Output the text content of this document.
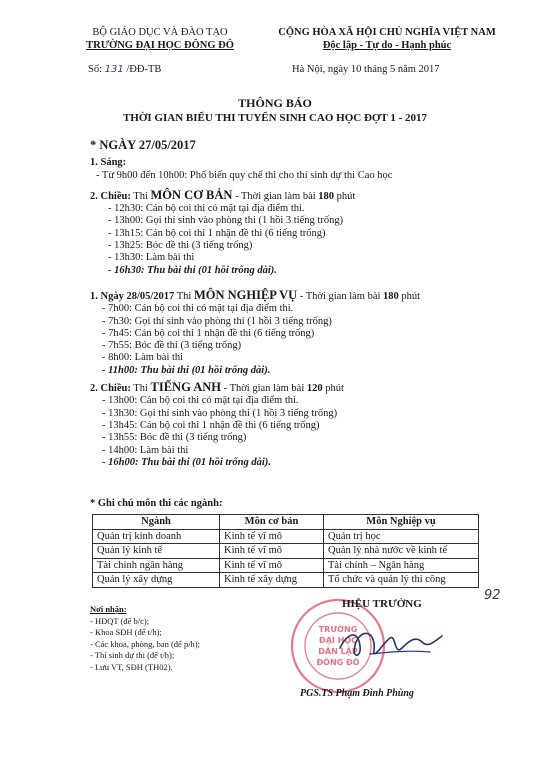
BỘ GIÁO DỤC VÀ ĐÀO TẠO
TRƯỜNG ĐẠI HỌC ĐÔNG ĐÔ
CỘNG HÒA XÃ HỘI CHỦ NGHĨA VIỆT NAM
Độc lập - Tự do - Hạnh phúc
Số: 131 /ĐĐ-TB	Hà Nội, ngày 10 tháng 5 năm 2017
THÔNG BÁO
THỜI GIAN BIỂU THI TUYỂN SINH CAO HỌC ĐỢT 1 - 2017
* NGÀY 27/05/2017
1. Sáng:
- Từ 9h00 đến 10h00: Phổ biến quy chế thi cho thí sinh dự thi Cao học
2. Chiều: Thi MÔN CƠ BẢN - Thời gian làm bài 180 phút
- 12h30: Cán bộ coi thi có mặt tại địa điểm thi.
- 13h00: Gọi thí sinh vào phòng thi (1 hồi 3 tiếng trống)
- 13h15: Cán bộ coi thi 1 nhận đề thi (6 tiếng trống)
- 13h25: Bóc đề thi (3 tiếng trống)
- 13h30: Làm bài thi
- 16h30: Thu bài thi (01 hồi trống dài).
1. Ngày 28/05/2017 Thi MÔN NGHIỆP VỤ - Thời gian làm bài 180 phút
- 7h00: Cán bộ coi thi có mặt tại địa điểm thi.
- 7h30: Gọi thí sinh vào phòng thi (1 hồi 3 tiếng trống)
- 7h45: Cán bộ coi thi 1 nhận đề thi (6 tiếng trống)
- 7h55: Bóc đề thi (3 tiếng trống)
- 8h00: Làm bài thi
- 11h00: Thu bài thi (01 hồi trống dài).
2. Chiều: Thi TIẾNG ANH - Thời gian làm bài 120 phút
- 13h00: Cán bộ coi thi có mặt tại địa điểm thi.
- 13h30: Gọi thí sinh vào phòng thi (1 hồi 3 tiếng trống)
- 13h45: Cán bộ coi thi 1 nhận đề thi (6 tiếng trống)
- 13h55: Bóc đề thi (3 tiếng trống)
- 14h00: Làm bài thi
- 16h00: Thu bài thi (01 hồi trống dài).
* Ghi chú môn thi các ngành:
Ngành	Môn cơ bản	Môn Nghiệp vụ
Quản trị kinh doanh	Kinh tế vĩ mô	Quản trị học
Quản lý kinh tế	Kinh tế vĩ mô	Quản lý nhà nước về kinh tế
Tài chính ngân hàng	Kinh tế vĩ mô	Tài chính – Ngân hàng
Quản lý xây dựng	Kinh tế xây dựng	Tổ chức và quản lý thi công
Nơi nhận:
- HĐQT (để b/c);
- Khoa SĐH (để t/h);
- Các khoa, phòng, ban (để p/h);
- Thí sinh dự thi (để t/h);
- Lưu VT, SĐH (TH02).
TRƯỜNG
ĐẠI HỌC
DÂN LẬP
ĐÔNG ĐÔ
HIỆU TRƯỞNG
92
PGS.TS Phạm Đình Phùng
